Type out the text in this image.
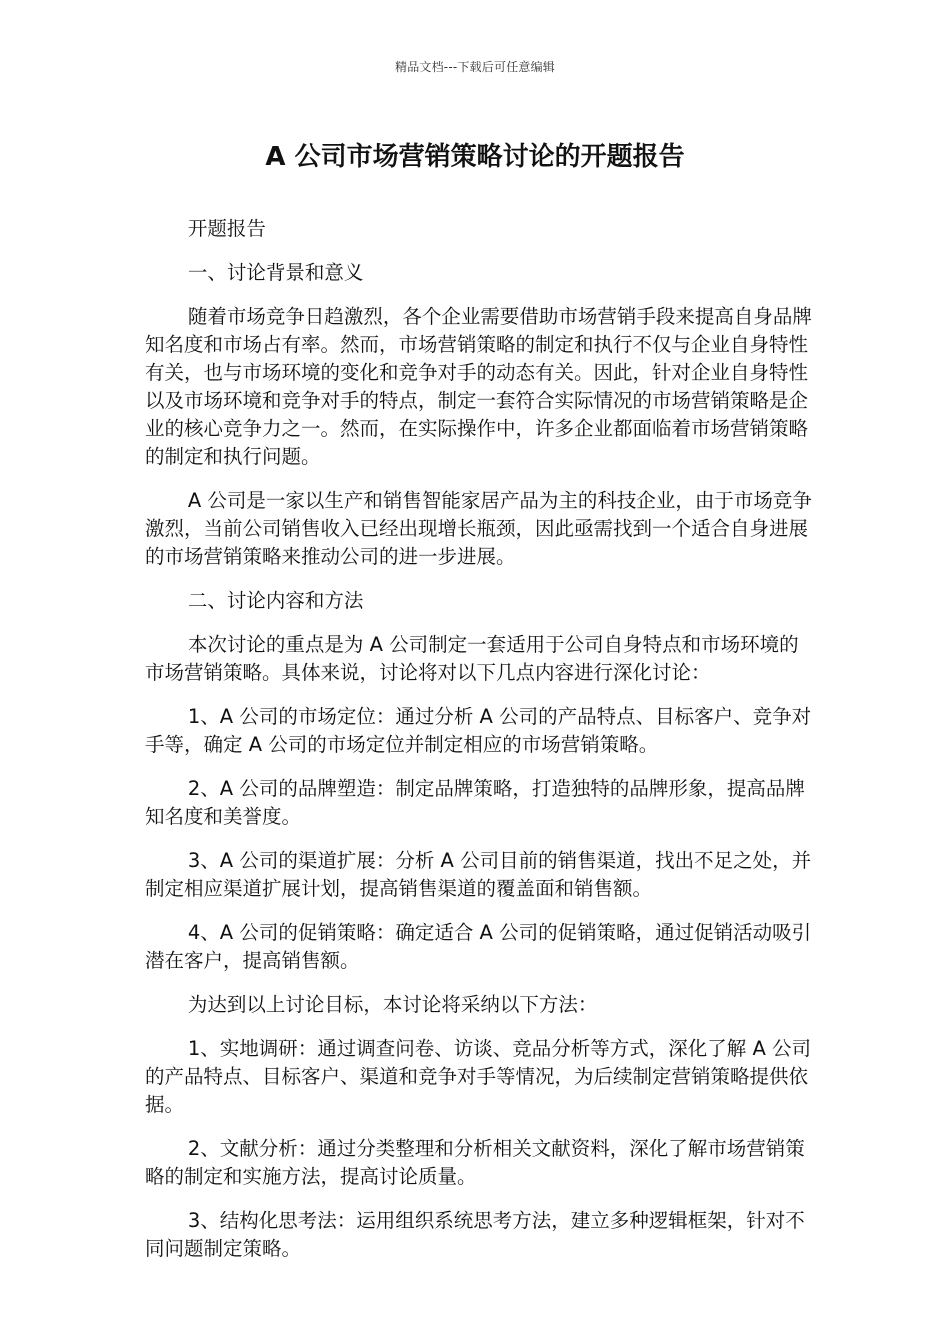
精品文档---下载后可任意编辑
A 公司市场营销策略讨论的开题报告

开题报告

一、讨论背景和意义

随着市场竞争日趋激烈，各个企业需要借助市场营销手段来提高自身品牌知名度和市场占有率。然而，市场营销策略的制定和执行不仅与企业自身特性有关，也与市场环境的变化和竞争对手的动态有关。因此，针对企业自身特性以及市场环境和竞争对手的特点，制定一套符合实际情况的市场营销策略是企业的核心竞争力之一。然而，在实际操作中，许多企业都面临着市场营销策略的制定和执行问题。

A 公司是一家以生产和销售智能家居产品为主的科技企业，由于市场竞争激烈，当前公司销售收入已经出现增长瓶颈，因此亟需找到一个适合自身进展的市场营销策略来推动公司的进一步进展。

二、讨论内容和方法

本次讨论的重点是为 A 公司制定一套适用于公司自身特点和市场环境的市场营销策略。具体来说，讨论将对以下几点内容进行深化讨论：

1、A 公司的市场定位：通过分析 A 公司的产品特点、目标客户、竞争对手等，确定 A 公司的市场定位并制定相应的市场营销策略。

2、A 公司的品牌塑造：制定品牌策略，打造独特的品牌形象，提高品牌知名度和美誉度。

3、A 公司的渠道扩展：分析 A 公司目前的销售渠道，找出不足之处，并制定相应渠道扩展计划，提高销售渠道的覆盖面和销售额。

4、A 公司的促销策略：确定适合 A 公司的促销策略，通过促销活动吸引潜在客户，提高销售额。

为达到以上讨论目标，本讨论将采纳以下方法：

1、实地调研：通过调查问卷、访谈、竞品分析等方式，深化了解 A 公司的产品特点、目标客户、渠道和竞争对手等情况，为后续制定营销策略提供依据。

2、文献分析：通过分类整理和分析相关文献资料，深化了解市场营销策略的制定和实施方法，提高讨论质量。

3、结构化思考法：运用组织系统思考方法，建立多种逻辑框架，针对不同问题制定策略。
